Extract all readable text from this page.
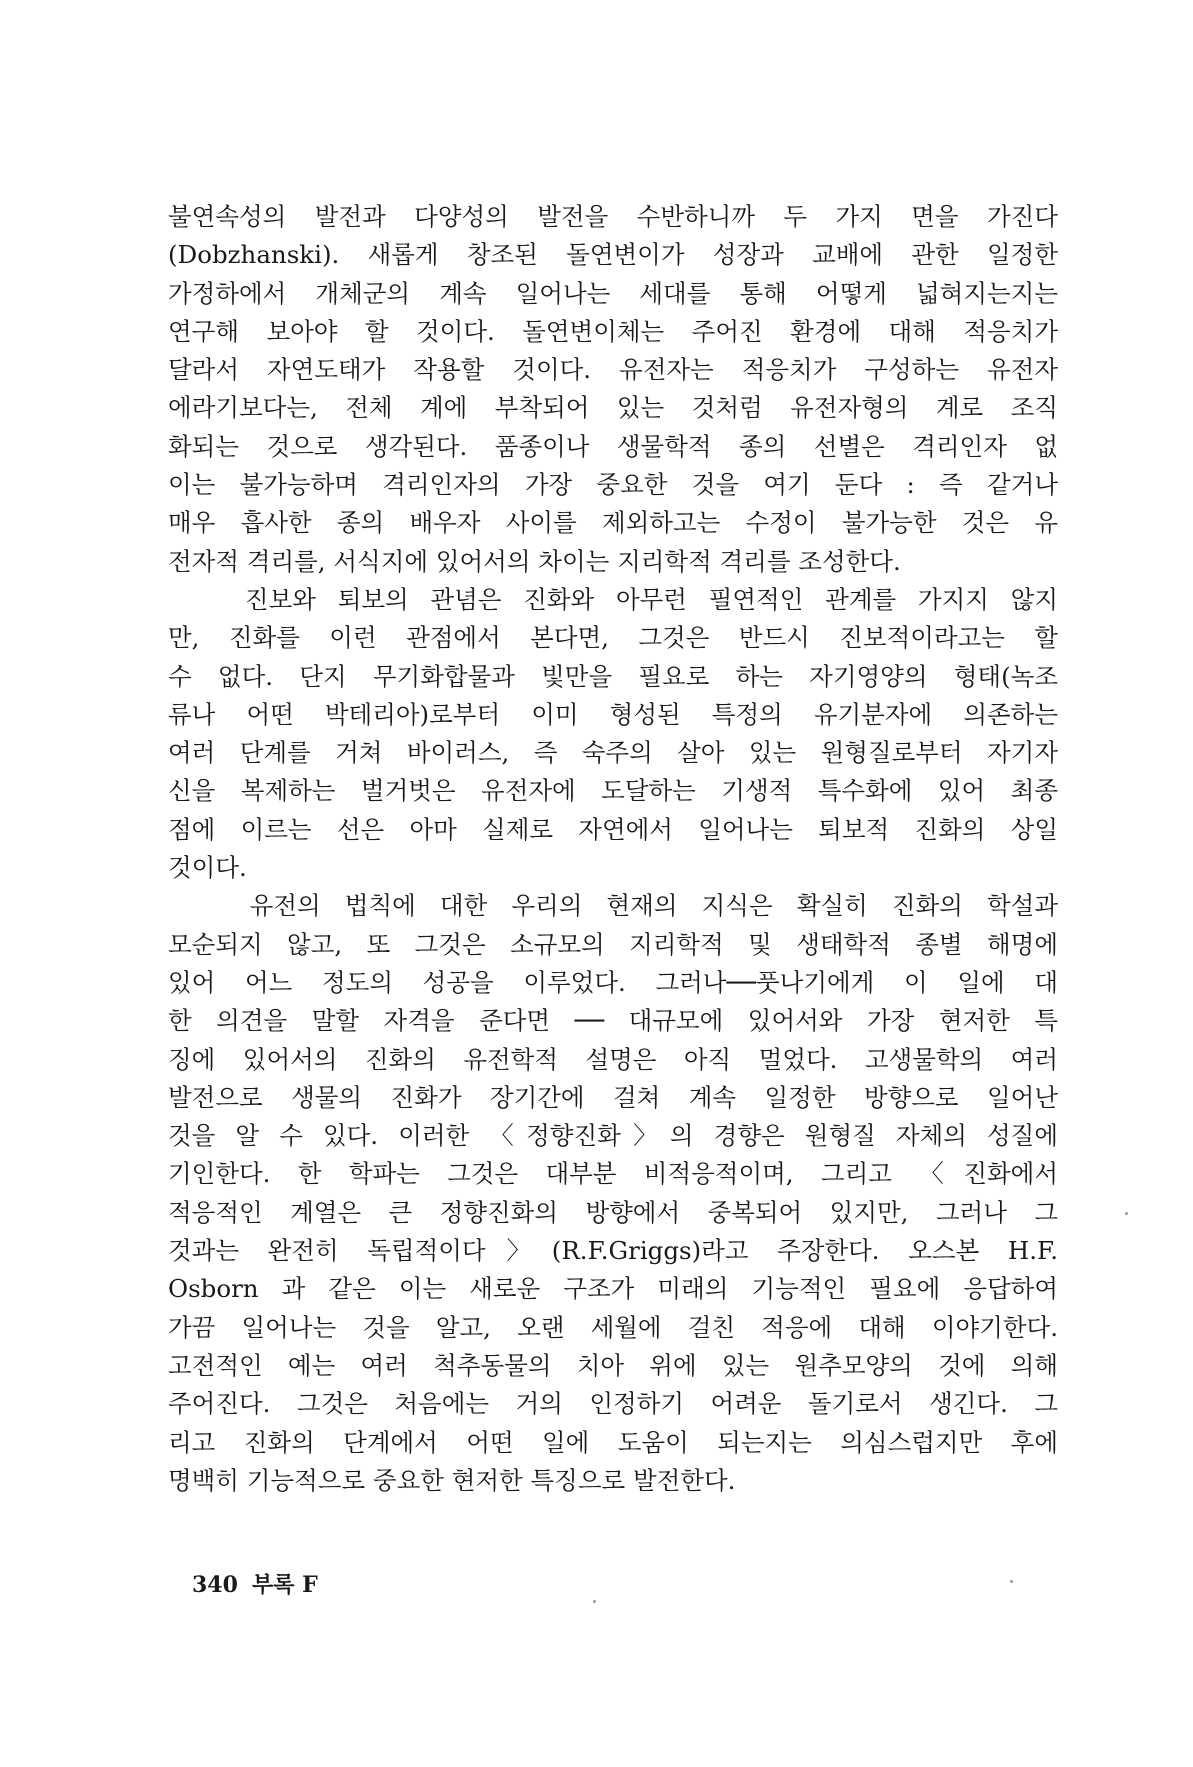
불연속성의 발전과 다양성의 발전을 수반하니까 두 가지 면을 가진다
(Dobzhanski). 새롭게 창조된 돌연변이가 성장과 교배에 관한 일정한
가정하에서 개체군의 계속 일어나는 세대를 통해 어떻게 넓혀지는지는
연구해 보아야 할 것이다. 돌연변이체는 주어진 환경에 대해 적응치가
달라서 자연도태가 작용할 것이다. 유전자는 적응치가 구성하는 유전자
에라기보다는, 전체 계에 부착되어 있는 것처럼 유전자형의 계로 조직
화되는 것으로 생각된다. 품종이나 생물학적 종의 선별은 격리인자 없
이는 불가능하며 격리인자의 가장 중요한 것을 여기 둔다 : 즉 같거나
매우 흡사한 종의 배우자 사이를 제외하고는 수정이 불가능한 것은 유
전자적 격리를, 서식지에 있어서의 차이는 지리학적 격리를 조성한다.
　　진보와 퇴보의 관념은 진화와 아무런 필연적인 관계를 가지지 않지
만, 진화를 이런 관점에서 본다면, 그것은 반드시 진보적이라고는 할
수 없다. 단지 무기화합물과 빛만을 필요로 하는 자기영양의 형태(녹조
류나 어떤 박테리아)로부터 이미 형성된 특정의 유기분자에 의존하는
여러 단계를 거쳐 바이러스, 즉 숙주의 살아 있는 원형질로부터 자기자
신을 복제하는 벌거벗은 유전자에 도달하는 기생적 특수화에 있어 최종
점에 이르는 선은 아마 실제로 자연에서 일어나는 퇴보적 진화의 상일
것이다.
　　유전의 법칙에 대한 우리의 현재의 지식은 확실히 진화의 학설과
모순되지 않고, 또 그것은 소규모의 지리학적 및 생태학적 종별 해명에
있어 어느 정도의 성공을 이루었다. 그러나──풋나기에게 이 일에 대
한 의견을 말할 자격을 준다면 ── 대규모에 있어서와 가장 현저한 특
징에 있어서의 진화의 유전학적 설명은 아직 멀었다. 고생물학의 여러
발전으로 생물의 진화가 장기간에 걸쳐 계속 일정한 방향으로 일어난
것을 알 수 있다. 이러한 〈정향진화〉의 경향은 원형질 자체의 성질에
기인한다. 한 학파는 그것은 대부분 비적응적이며, 그리고 〈진화에서
적응적인 계열은 큰 정향진화의 방향에서 중복되어 있지만, 그러나 그
것과는 완전히 독립적이다〉(R.F.Griggs)라고 주장한다. 오스본 H.F.
Osborn 과 같은 이는 새로운 구조가 미래의 기능적인 필요에 응답하여
가끔 일어나는 것을 알고, 오랜 세월에 걸친 적응에 대해 이야기한다.
고전적인 예는 여러 척추동물의 치아 위에 있는 원추모양의 것에 의해
주어진다. 그것은 처음에는 거의 인정하기 어려운 돌기로서 생긴다. 그
리고 진화의 단계에서 어떤 일에 도움이 되는지는 의심스럽지만 후에
명백히 기능적으로 중요한 현저한 특징으로 발전한다.
340 부록 F
